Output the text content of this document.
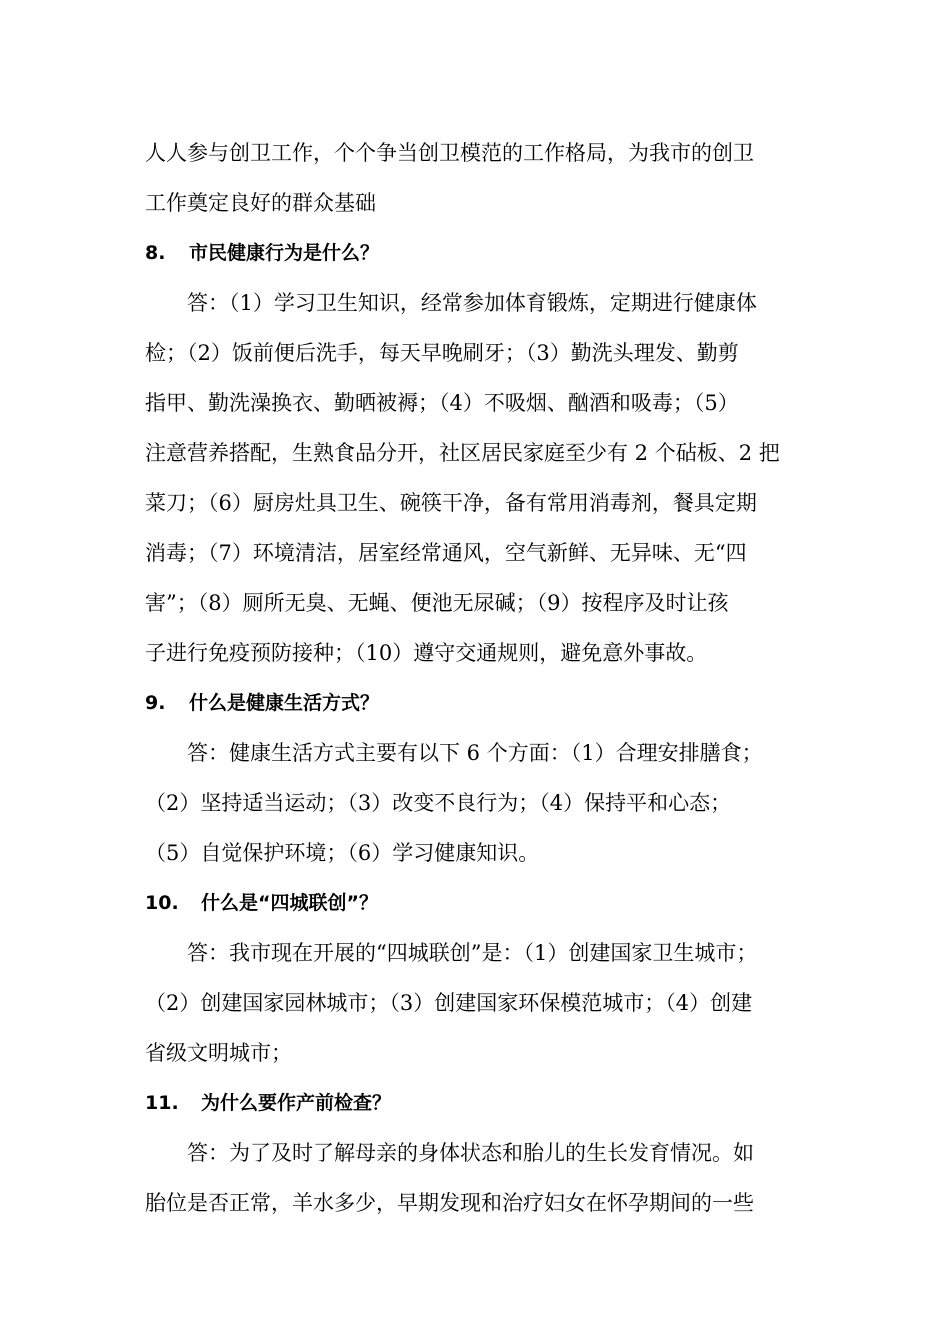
人人参与创卫工作，个个争当创卫模范的工作格局，为我市的创卫
工作奠定良好的群众基础
8. 市民健康行为是什么？
答：（1）学习卫生知识，经常参加体育锻炼，定期进行健康体
检；（2）饭前便后洗手，每天早晚刷牙；（3）勤洗头理发、勤剪
指甲、勤洗澡换衣、勤晒被褥；（4）不吸烟、酗酒和吸毒；（5）
注意营养搭配，生熟食品分开，社区居民家庭至少有 2 个砧板、2 把
菜刀；（6）厨房灶具卫生、碗筷干净，备有常用消毒剂，餐具定期
消毒；（7）环境清洁，居室经常通风，空气新鲜、无异味、无“四
害”；（8）厕所无臭、无蝇、便池无尿碱；（9）按程序及时让孩
子进行免疫预防接种；（10）遵守交通规则，避免意外事故。
9. 什么是健康生活方式？
答：健康生活方式主要有以下 6 个方面：（1）合理安排膳食；
（2）坚持适当运动；（3）改变不良行为；（4）保持平和心态；
（5）自觉保护环境；（6）学习健康知识。
10. 什么是“四城联创”？
答：我市现在开展的“四城联创”是：（1）创建国家卫生城市；
（2）创建国家园林城市；（3）创建国家环保模范城市；（4）创建
省级文明城市；
11. 为什么要作产前检查？
答：为了及时了解母亲的身体状态和胎儿的生长发育情况。如
胎位是否正常，羊水多少，早期发现和治疗妇女在怀孕期间的一些
